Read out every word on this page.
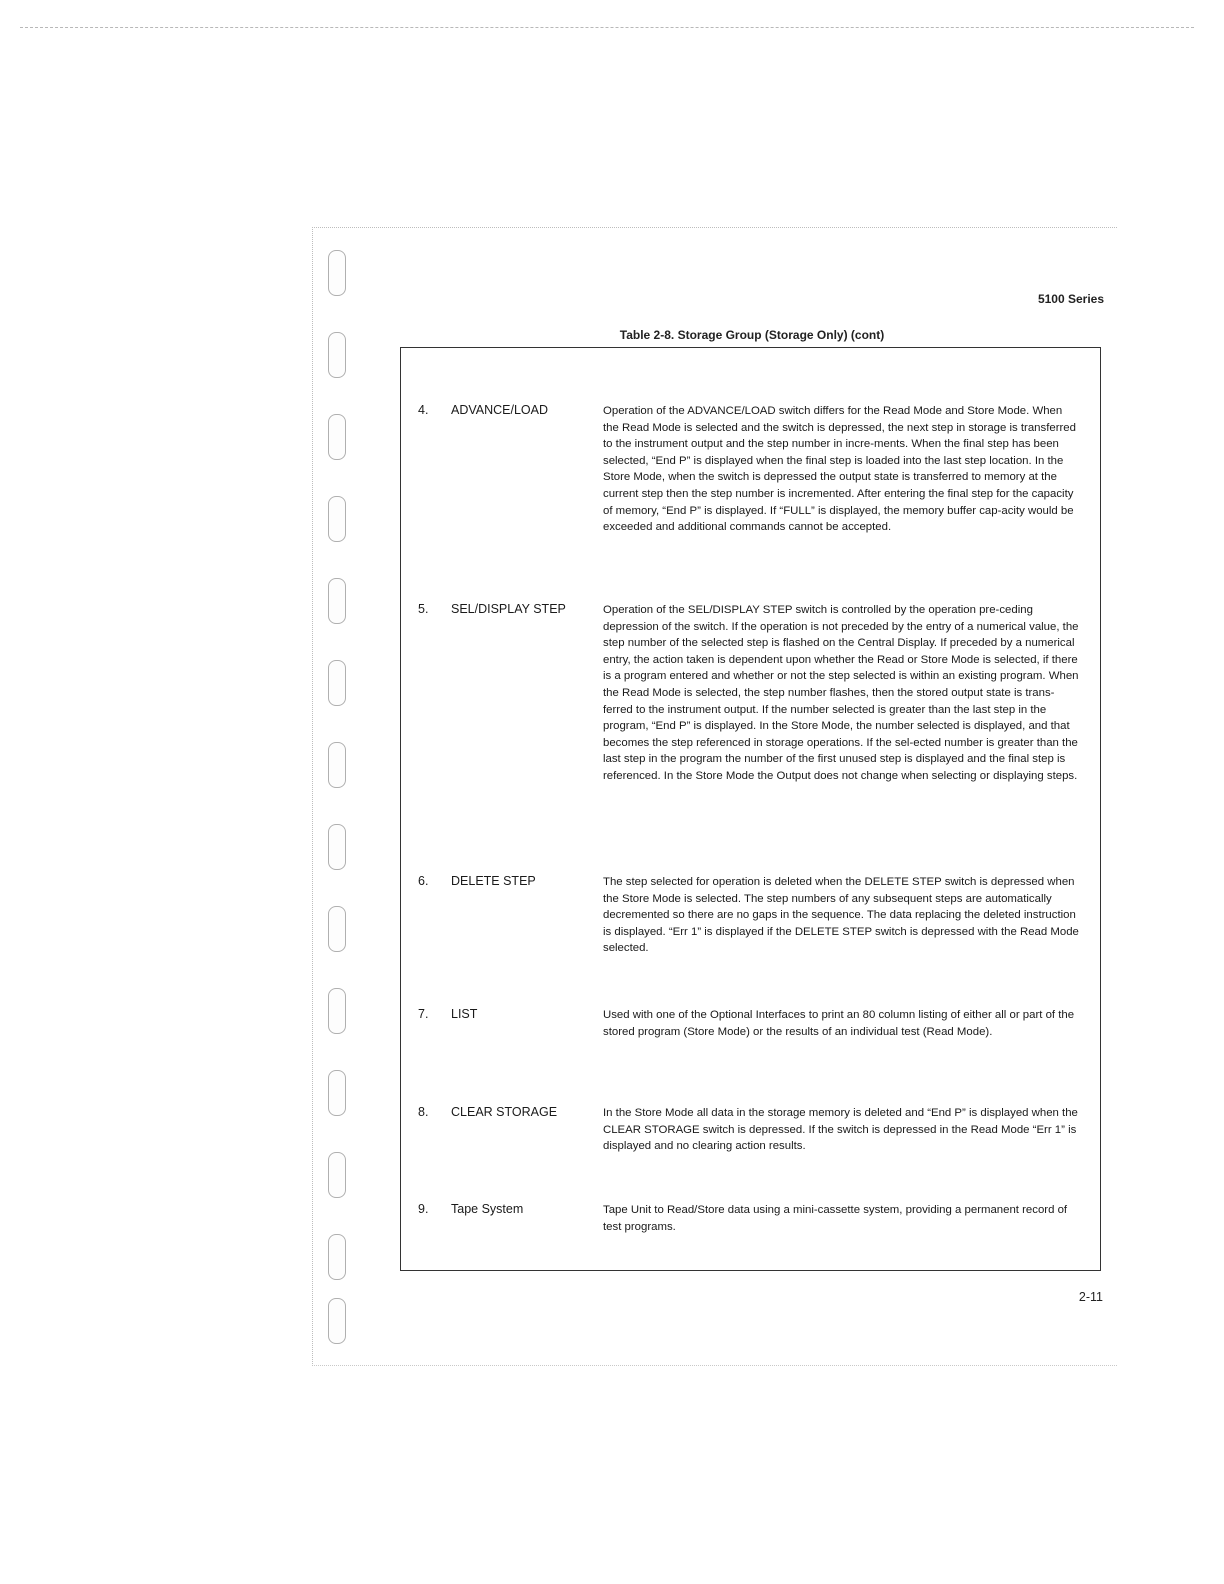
5100 Series
Table 2-8. Storage Group (Storage Only) (cont)
4.	ADVANCE/LOAD	Operation of the ADVANCE/LOAD switch differs for the Read Mode and Store Mode. When the Read Mode is selected and the switch is depressed, the next step in storage is transferred to the instrument output and the step number in incre-ments. When the final step has been selected, “End P” is displayed when the final step is loaded into the last step location. In the Store Mode, when the switch is depressed the output state is transferred to memory at the current step then the step number is incremented. After entering the final step for the capacity of memory, “End P” is displayed. If “FULL” is displayed, the memory buffer cap-acity would be exceeded and additional commands cannot be accepted.
5.	SEL/DISPLAY STEP	Operation of the SEL/DISPLAY STEP switch is controlled by the operation pre-ceding depression of the switch. If the operation is not preceded by the entry of a numerical value, the step number of the selected step is flashed on the Central Display. If preceded by a numerical entry, the action taken is dependent upon whether the Read or Store Mode is selected, if there is a program entered and whether or not the step selected is within an existing program. When the Read Mode is selected, the step number flashes, then the stored output state is trans-ferred to the instrument output. If the number selected is greater than the last step in the program, “End P” is displayed. In the Store Mode, the number selected is displayed, and that becomes the step referenced in storage operations. If the sel-ected number is greater than the last step in the program the number of the first unused step is displayed and the final step is referenced. In the Store Mode the Output does not change when selecting or displaying steps.
6.	DELETE STEP	The step selected for operation is deleted when the DELETE STEP switch is depressed when the Store Mode is selected. The step numbers of any subsequent steps are automatically decremented so there are no gaps in the sequence. The data replacing the deleted instruction is displayed. “Err 1” is displayed if the DELETE STEP switch is depressed with the Read Mode selected.
7.	LIST	Used with one of the Optional Interfaces to print an 80 column listing of either all or part of the stored program (Store Mode) or the results of an individual test (Read Mode).
8.	CLEAR STORAGE	In the Store Mode all data in the storage memory is deleted and “End P” is displayed when the CLEAR STORAGE switch is depressed. If the switch is depressed in the Read Mode “Err 1” is displayed and no clearing action results.
9.	Tape System	Tape Unit to Read/Store data using a mini-cassette system, providing a permanent record of test programs.
2-11
